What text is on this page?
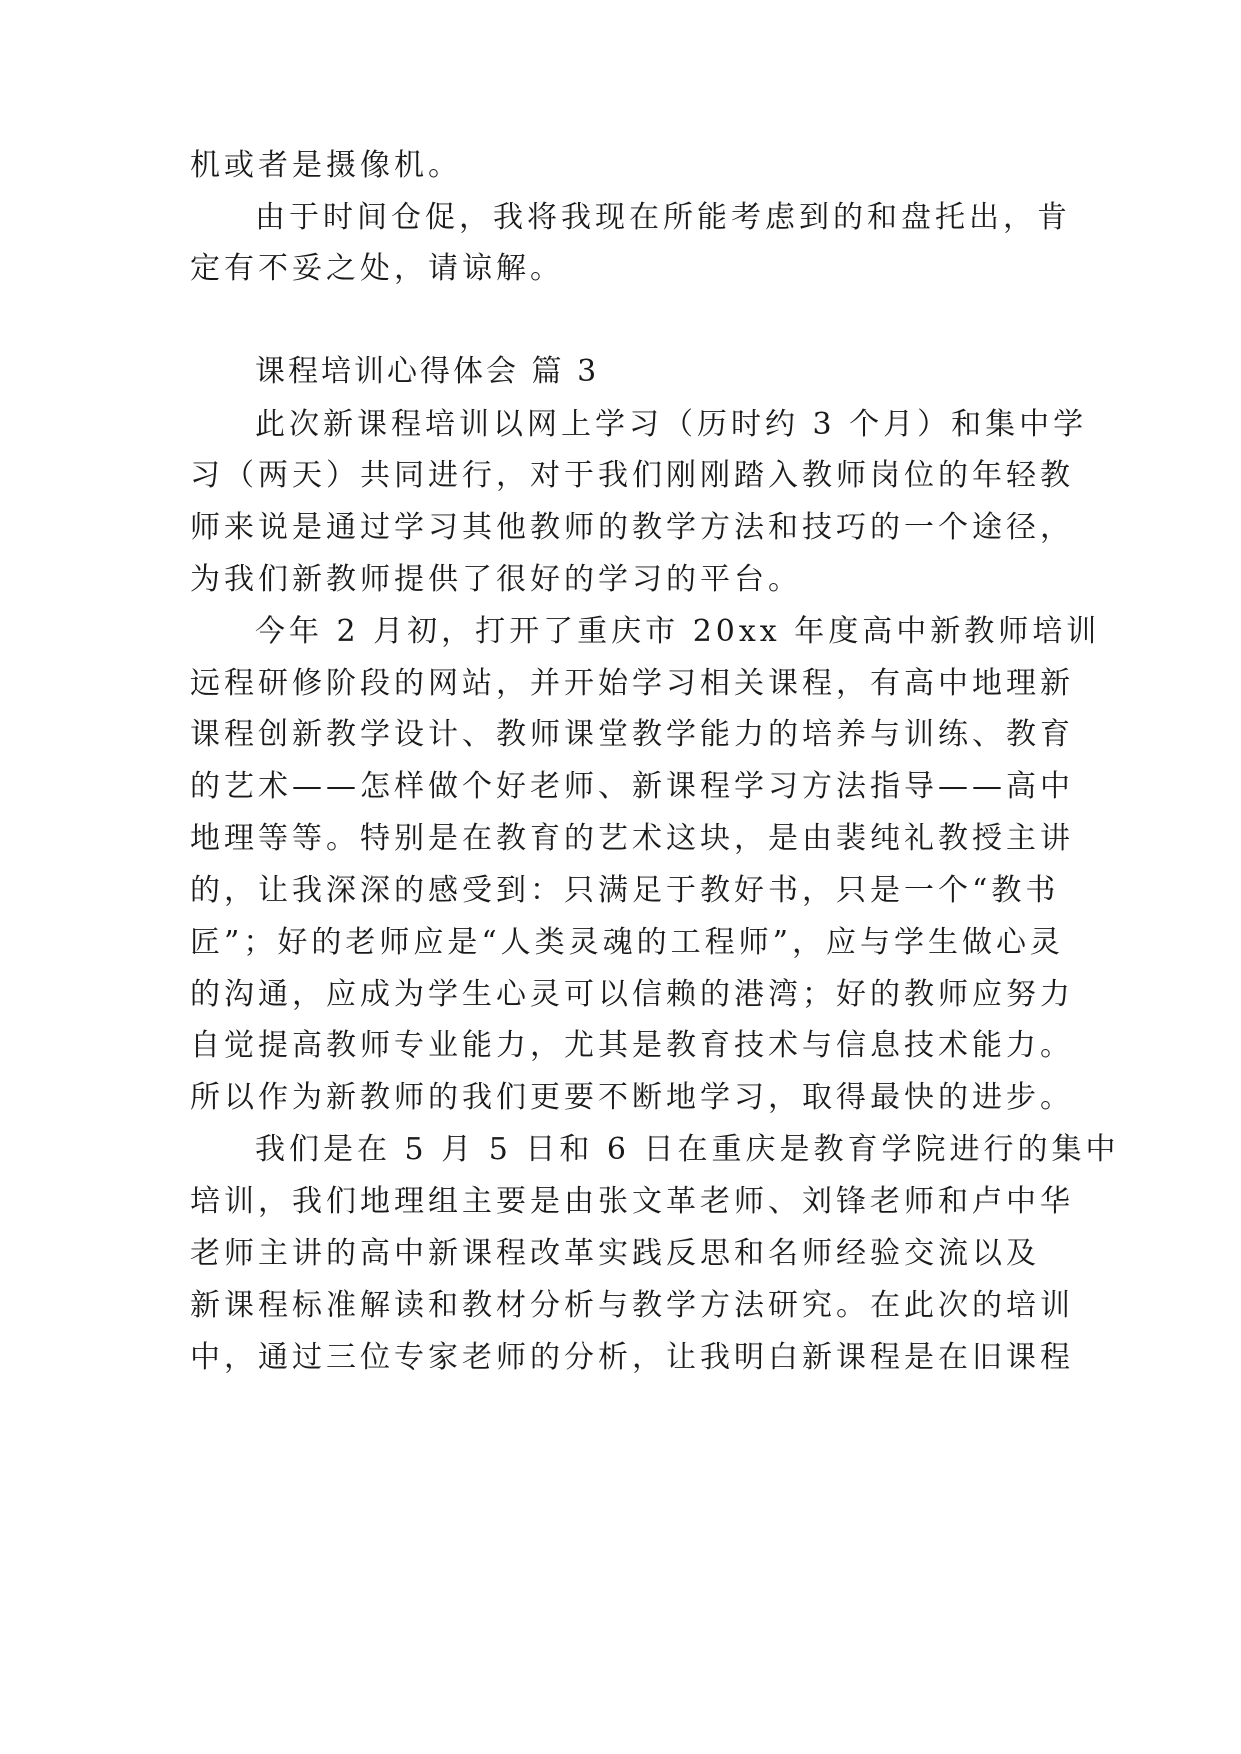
机或者是摄像机。
由于时间仓促，我将我现在所能考虑到的和盘托出，肯
定有不妥之处，请谅解。
课程培训心得体会 篇 3
此次新课程培训以网上学习（历时约 3 个月）和集中学
习（两天）共同进行，对于我们刚刚踏入教师岗位的年轻教
师来说是通过学习其他教师的教学方法和技巧的一个途径，
为我们新教师提供了很好的学习的平台。
今年 2 月初，打开了重庆市 20xx 年度高中新教师培训
远程研修阶段的网站，并开始学习相关课程，有高中地理新
课程创新教学设计、教师课堂教学能力的培养与训练、教育
的艺术——怎样做个好老师、新课程学习方法指导——高中
地理等等。特别是在教育的艺术这块，是由裴纯礼教授主讲
的，让我深深的感受到：只满足于教好书，只是一个“教书
匠”；好的老师应是“人类灵魂的工程师”，应与学生做心灵
的沟通，应成为学生心灵可以信赖的港湾；好的教师应努力
自觉提高教师专业能力，尤其是教育技术与信息技术能力。
所以作为新教师的我们更要不断地学习，取得最快的进步。
我们是在 5 月 5 日和 6 日在重庆是教育学院进行的集中
培训，我们地理组主要是由张文革老师、刘锋老师和卢中华
老师主讲的高中新课程改革实践反思和名师经验交流以及
新课程标准解读和教材分析与教学方法研究。在此次的培训
中，通过三位专家老师的分析，让我明白新课程是在旧课程
